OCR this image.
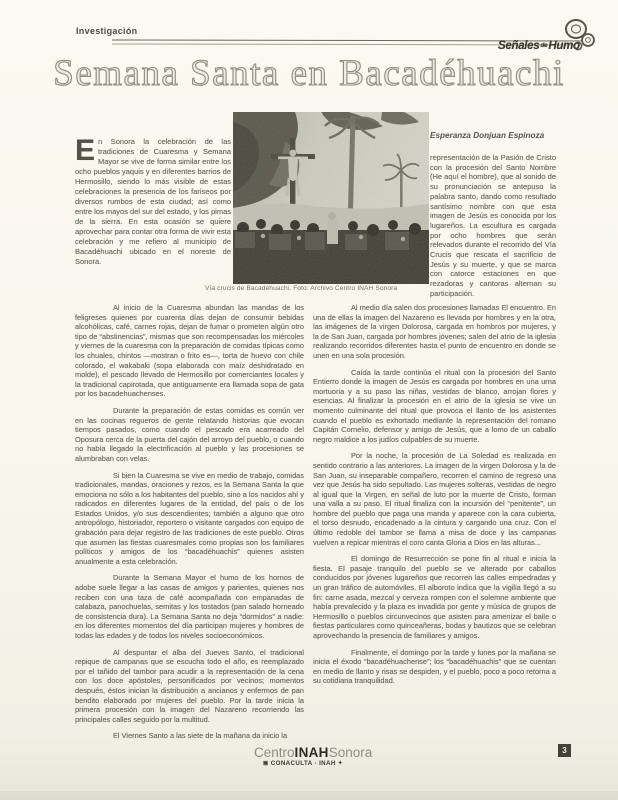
Investigación
SeñalesdeHumo
Semana Santa en Bacadéhuachi
Vía crucis de Bacadéhuachi. Foto: Archivo Centro INAH Sonora
En Sonora la celebración de las tradiciones de Cuaresma y Semana Mayor se vive de forma similar entre los ocho pueblos yaquis y en diferentes barrios de Hermosillo, siendo lo más visible de estas celebraciones la presencia de los fariseos por diversos rumbos de esta ciudad; así como entre los mayos del sur del estado, y los pimas de la sierra. En esta ocasión se quiere aprovechar para contar otra forma de vivir esta celebración y me refiero al municipio de Bacadéhuachi ubicado en el noreste de Sonora.
Esperanza Donjuan Espinoza

representación de la Pasión de Cristo con la procesión del Santo Nombre (He aquí el hombre), que al sonido de su pronunciación se antepuso la palabra santo, dando como resultado santísimo nombre con que esta imagen de Jesús es conocida por los lugareños. La escultura es cargada por ocho hombres que serán relevados durante el recorrido del Vía Crucis que rescata el sacrificio de Jesús y su muerte, y que se marca con catorce estaciones en que rezadoras y cantoras alternan su participación.

Al inicio de la Cuaresma abundan las mandas de los feligreses quienes por cuarenta días dejan de consumir bebidas alcohólicas, café, carnes rojas, dejan de fumar o prometen algún otro tipo de “abstinencias”, mismas que son recompensadas los miércoles y viernes de la cuaresma con la preparación de comidas típicas como los chuales, chintos —mostran o frito es—, torta de huevo con chile colorado, el wakabaki (sopa elaborada con maíz deshidratado en molde), el pescado llevado de Hermosillo por comerciantes locales y la tradicional capirotada, que antiguamente era llamada sopa de gata por los bacadehuachenses.

Durante la preparación de estas comidas es común ver en las cocinas regueros de gente relatando historias que evocan tiempos pasados, como cuando el pescado era acarreado del Oposura cerca de la puerta del cajón del arroyo del pueblo, o cuando no había llegado la electrificación al pueblo y las procesiones se alumbraban con velas.

Si bien la Cuaresma se vive en medio de trabajo, comidas tradicionales, mandas, oraciones y rezos, es la Semana Santa la que emociona no sólo a los habitantes del pueblo, sino a los nacidos ahí y radicados en diferentes lugares de la entidad, del país o de los Estados Unidos, y/o sus descendientes; también a alguno que otro antropólogo, historiador, reportero o visitante cargados con equipo de grabación para dejar registro de las tradiciones de este pueblo. Otros que asumen las fiestas cuaresmales como propias son los familiares políticos y amigos de los “bacadéhuachis” quienes asisten anualmente a esta celebración.

Durante la Semana Mayor el humo de los hornos de adobe suele llegar a las casas de amigos y parientes, quienes nos reciben con una taza de café acompañada con empanadas de calabaza, panochuelas, semitas y los tostados (pan salado horneado de consistencia dura). La Semana Santa no deja “dormidos” a nadie: en los diferentes momentos del día participan mujeres y hombres de todas las edades y de todos los niveles socioeconómicos.

Al despuntar el alba del Jueves Santo, el tradicional repique de campanas que se escucha todo el año, es reemplazado por el tañido del tambor para acudir a la representación de la cena con los doce apóstoles, personificados por vecinos; momentos después, éstos inician la distribución a ancianos y enfermos de pan bendito elaborado por mujeres del pueblo. Por la tarde inicia la primera procesión con la imagen del Nazareno recorriendo las principales calles seguido por la multitud.

El Viernes Santo a las siete de la mañana da inicio la

Al medio día salen dos procesiones llamadas El encuentro. En una de ellas la imagen del Nazareno es llevada por hombres y en la otra, las imágenes de la virgen Dolorosa, cargada en hombros por mujeres, y la de San Juan, cargada por hombres jóvenes; salen del atrio de la iglesia realizando recorridos diferentes hasta el punto de encuentro en donde se unen en una sola procesión.

Caída la tarde continúa el ritual con la procesión del Santo Entierro donde la imagen de Jesús es cargada por hombres en una urna mortuoria y a su paso las niñas, vestidas de blanco, arrojan flores y esencias. Al finalizar la procesión en el atrio de la iglesia se vive un momento culminante del ritual que provoca el llanto de los asistentes cuando el pueblo es exhortado mediante la representación del romano Capitán Cornelio, defensor y amigo de Jesús, que a lomo de un caballo negro maldice a los judíos culpables de su muerte.

Por la noche, la procesión de La Soledad es realizada en sentido contrario a las anteriores. La imagen de la virgen Dolorosa y la de San Juan, su inseparable compañero, recorren el camino de regreso una vez que Jesús ha sido sepultado. Las mujeres solteras, vestidas de negro al igual que la Virgen, en señal de luto por la muerte de Cristo, forman una valla a su paso. El ritual finaliza con la incursión del “penitente”, un hombre del pueblo que paga una manda y aparece con la cara cubierta, el torso desnudo, encadenado a la cintura y cargando una cruz. Con el último redoble del tambor se llama a misa de doce y las campanas vuelven a repicar mientras el coro canta Gloria a Dios en las alturas...

El domingo de Resurrección se pone fin al ritual e inicia la fiesta. El pasaje tranquilo del pueblo se ve alterado por caballos conducidos por jóvenes lugareños que recorren las calles empedradas y un gran tráfico de automóviles. El alboroto indica que la vigilia llegó a su fin: carne asada, mezcal y cerveza rompen con el solemne ambiente que había prevalecido y la plaza es invadida por gente y música de grupos de Hermosillo o pueblos circunvecinos que asisten para amenizar el baile o fiestas particulares como quinceañeras, bodas y bautizos que se celebran aprovechando la presencia de familiares y amigos.

Finalmente, el domingo por la tarde y lunes por la mañana se inicia el éxodo “bacadéhuachense”; los “bacadéhuachis” que se cuentan en medio de llanto y risas se despiden, y el pueblo, poco a poco retorna a su cotidiana tranquilidad.

CentroINAHSonora
▣ CONACULTA · INAH ✦
3
